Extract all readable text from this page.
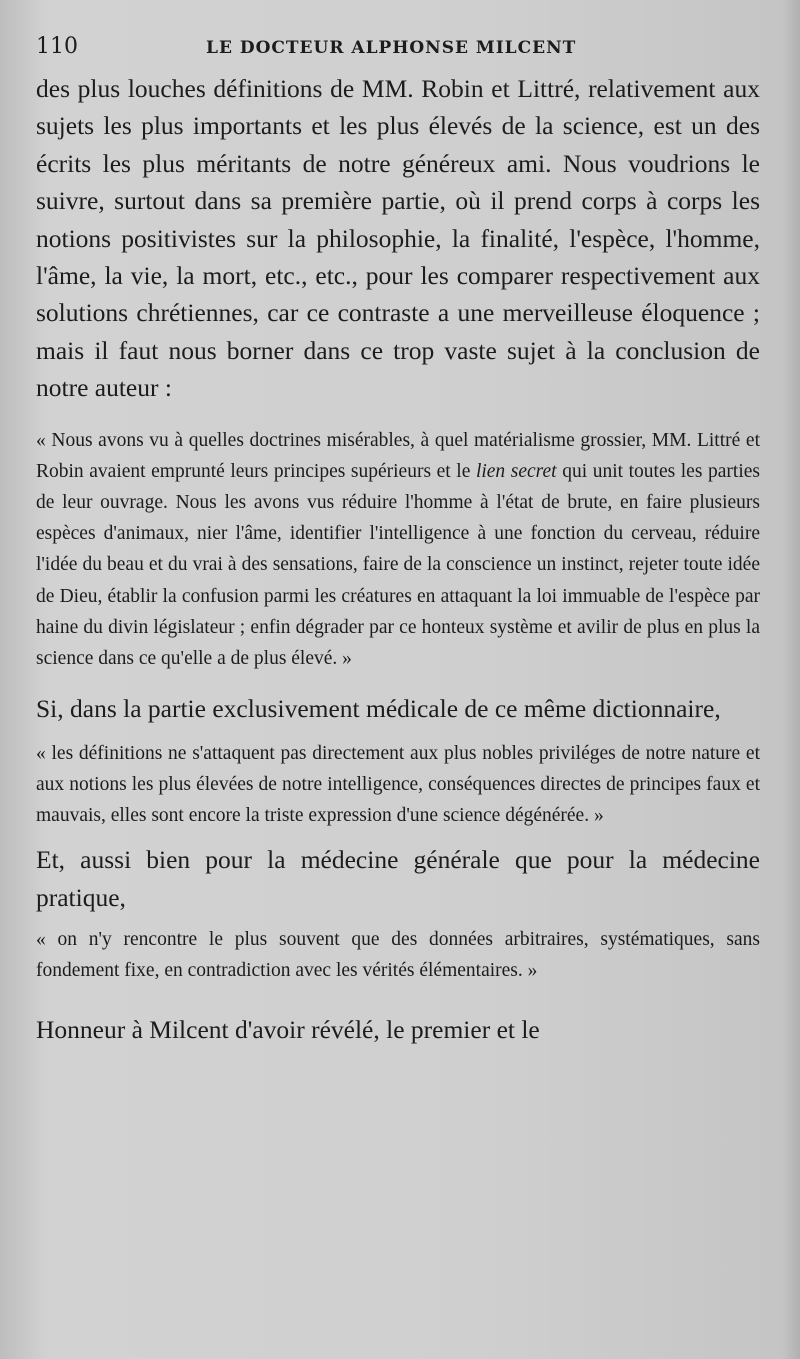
110	LE DOCTEUR ALPHONSE MILCENT

des plus louches définitions de MM. Robin et Littré, relativement aux sujets les plus importants et les plus élevés de la science, est un des écrits les plus méritants de notre généreux ami. Nous voudrions le suivre, surtout dans sa première partie, où il prend corps à corps les notions positivistes sur la philosophie, la finalité, l'espèce, l'homme, l'âme, la vie, la mort, etc., etc., pour les comparer respectivement aux solutions chrétiennes, car ce contraste a une merveilleuse éloquence ; mais il faut nous borner dans ce trop vaste sujet à la conclusion de notre auteur :

« Nous avons vu à quelles doctrines misérables, à quel matérialisme grossier, MM. Littré et Robin avaient emprunté leurs principes supérieurs et le lien secret qui unit toutes les parties de leur ouvrage. Nous les avons vus réduire l'homme à l'état de brute, en faire plusieurs espèces d'animaux, nier l'âme, identifier l'intelligence à une fonction du cerveau, réduire l'idée du beau et du vrai à des sensations, faire de la conscience un instinct, rejeter toute idée de Dieu, établir la confusion parmi les créatures en attaquant la loi immuable de l'espèce par haine du divin législateur ; enfin dégrader par ce honteux système et avilir de plus en plus la science dans ce qu'elle a de plus élevé. »

Si, dans la partie exclusivement médicale de ce même dictionnaire,

« les définitions ne s'attaquent pas directement aux plus nobles priviléges de notre nature et aux notions les plus élevées de notre intelligence, conséquences directes de principes faux et mauvais, elles sont encore la triste expression d'une science dégénérée. »

Et, aussi bien pour la médecine générale que pour la médecine pratique,

« on n'y rencontre le plus souvent que des données arbitraires, systématiques, sans fondement fixe, en contradiction avec les vérités élémentaires. »

Honneur à Milcent d'avoir révélé, le premier et le
